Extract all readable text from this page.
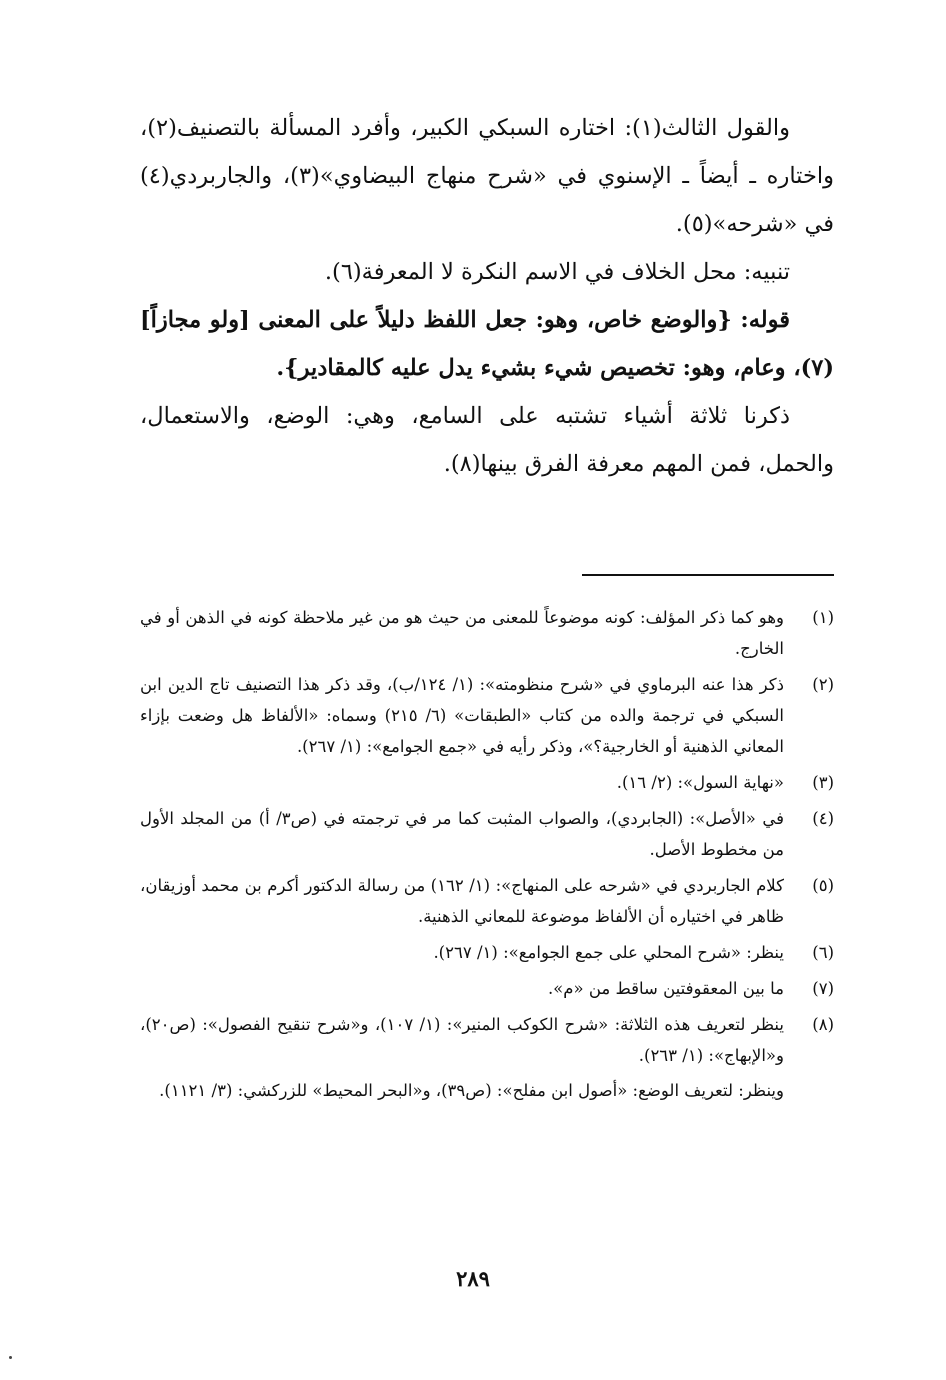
والقول الثالث(١): اختاره السبكي الكبير، وأفرد المسألة بالتصنيف(٢)، واختاره ـ أيضاً ـ الإسنوي في «شرح منهاج البيضاوي»(٣)، والجاربردي(٤) في «شرحه»(٥).

تنبيه: محل الخلاف في الاسم النكرة لا المعرفة(٦).

قوله: {والوضع خاص، وهو: جعل اللفظ دليلاً على المعنى [ولو مجازاً](٧)، وعام، وهو: تخصيص شيء بشيء يدل عليه كالمقادير}.

ذكرنا ثلاثة أشياء تشتبه على السامع، وهي: الوضع، والاستعمال، والحمل، فمن المهم معرفة الفرق بينها(٨).

(١)
وهو كما ذكر المؤلف: كونه موضوعاً للمعنى من حيث هو من غير ملاحظة كونه في الذهن أو في الخارج.
(٢)
ذكر هذا عنه البرماوي في «شرح منظومته»: (١/ ١٢٤/ب)، وقد ذكر هذا التصنيف تاج الدين ابن السبكي في ترجمة والده من كتاب «الطبقات» (٦/ ٢١٥) وسماه: «الألفاظ هل وضعت بإزاء المعاني الذهنية أو الخارجية؟»، وذكر رأيه في «جمع الجوامع»: (١/ ٢٦٧).
(٣)
«نهاية السول»: (٢/ ١٦).
(٤)
في «الأصل»: (الجابردي)، والصواب المثبت كما مر في ترجمته في (ص٣/ أ) من المجلد الأول من مخطوط الأصل.
(٥)
كلام الجاربردي في «شرحه على المنهاج»: (١/ ١٦٢) من رسالة الدكتور أكرم بن محمد أوزيقان، ظاهر في اختياره أن الألفاظ موضوعة للمعاني الذهنية.
(٦)
ينظر: «شرح المحلي على جمع الجوامع»: (١/ ٢٦٧).
(٧)
ما بين المعقوفتين ساقط من «م».
(٨)
ينظر لتعريف هذه الثلاثة: «شرح الكوكب المنير»: (١/ ١٠٧)، و«شرح تنقيح الفصول»: (ص٢٠)، و«الإبهاج»: (١/ ٢٦٣).
وينظر: لتعريف الوضع: «أصول ابن مفلح»: (ص٣٩)، و«البحر المحيط» للزركشي: (٣/ ١١٢١).
٢٨٩
